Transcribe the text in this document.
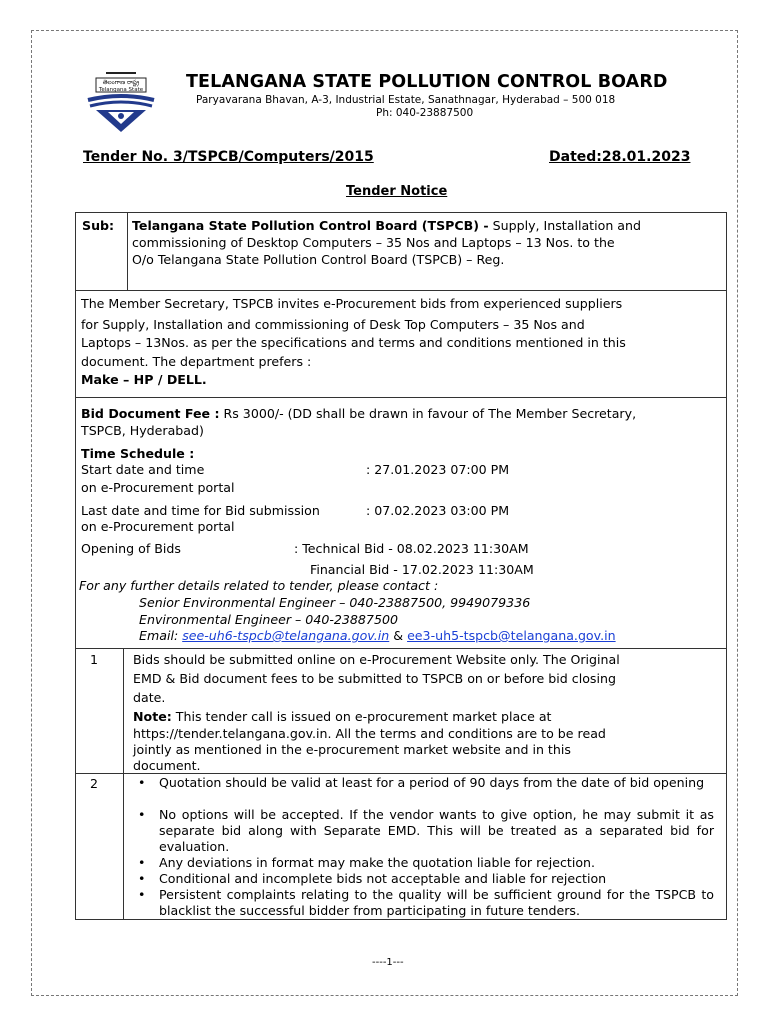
తెలంగాణ రాష్ట్ర
Telangana State TELANGANA STATE POLLUTION CONTROL BOARD
Paryavarana Bhavan, A-3, Industrial Estate, Sanathnagar, Hyderabad – 500 018
Ph: 040-23887500
Tender No. 3/TSPCB/Computers/2015	Dated:28.01.2023
Tender Notice
Sub: Telangana State Pollution Control Board (TSPCB) - Supply, Installation and
commissioning of Desktop Computers – 35 Nos and Laptops – 13 Nos. to the
O/o Telangana State Pollution Control Board (TSPCB) – Reg.
The Member Secretary, TSPCB invites e-Procurement bids from experienced suppliers
for Supply, Installation and commissioning of Desk Top Computers – 35 Nos and
Laptops – 13Nos. as per the specifications and terms and conditions mentioned in this
document. The department prefers :
Make – HP / DELL.
Bid Document Fee : Rs 3000/- (DD shall be drawn in favour of The Member Secretary,
TSPCB, Hyderabad)
Time Schedule :
Start date and time
on e-Procurement portal
: 27.01.2023 07:00 PM
Last date and time for Bid submission
on e-Procurement portal
: 07.02.2023 03:00 PM
Opening of Bids	: Technical Bid - 08.02.2023 11:30AM
Financial Bid - 17.02.2023 11:30AM
For any further details related to tender, please contact :
Senior Environmental Engineer – 040-23887500, 9949079336
Environmental Engineer – 040-23887500
Email: see-uh6-tspcb@telangana.gov.in & ee3-uh5-tspcb@telangana.gov.in
1	Bids should be submitted online on e-Procurement Website only. The Original
EMD & Bid document fees to be submitted to TSPCB on or before bid closing
date.
Note: This tender call is issued on e-procurement market place at
https://tender.telangana.gov.in. All the terms and conditions are to be read
jointly as mentioned in the e-procurement market website and in this
document.
2	• Quotation should be valid at least for a period of 90 days from the date of bid opening
• No options will be accepted. If the vendor wants to give option, he may submit it as separate bid along with Separate EMD. This will be treated as a separated bid for evaluation.
• Any deviations in format may make the quotation liable for rejection.
• Conditional and incomplete bids not acceptable and liable for rejection
• Persistent complaints relating to the quality will be sufficient ground for the TSPCB to blacklist the successful bidder from participating in future tenders.
----1---
